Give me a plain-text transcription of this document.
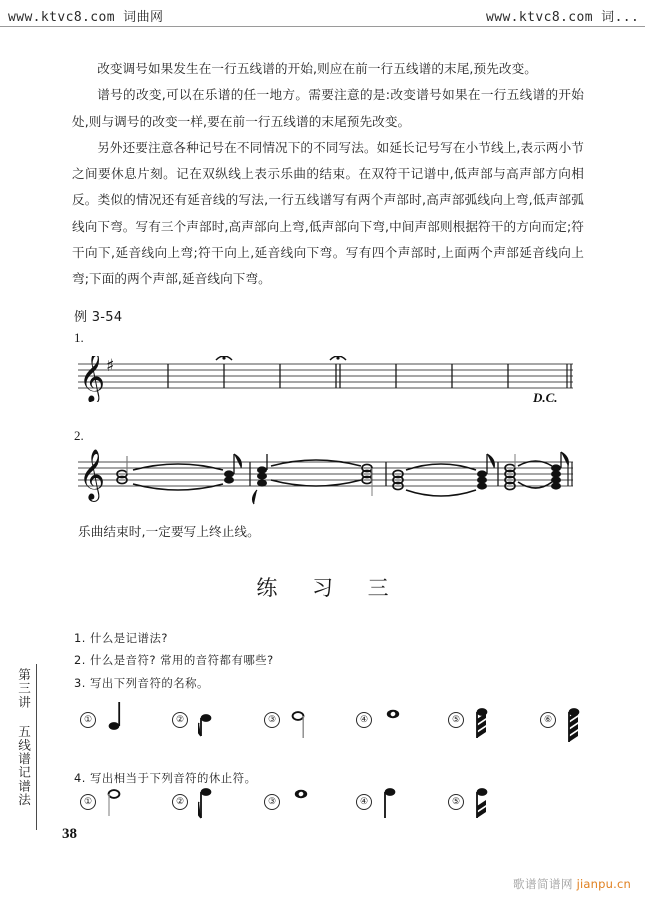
www.ktvc8.com 词曲网	www.ktvc8.com 词...

改变调号如果发生在一行五线谱的开始,则应在前一行五线谱的末尾,预先改变。

谱号的改变,可以在乐谱的任一地方。需要注意的是:改变谱号如果在一行五线谱的开始处,则与调号的改变一样,要在前一行五线谱的末尾预先改变。

另外还要注意各种记号在不同情况下的不同写法。如延长记号写在小节线上,表示两小节之间要休息片刻。记在双纵线上表示乐曲的结束。在双符干记谱中,低声部与高声部方向相反。类似的情况还有延音线的写法,一行五线谱写有两个声部时,高声部弧线向上弯,低声部弧线向下弯。写有三个声部时,高声部向上弯,低声部向下弯,中间声部则根据符干的方向而定;符干向下,延音线向上弯;符干向上,延音线向下弯。写有四个声部时,上面两个声部延音线向上弯;下面的两个声部,延音线向下弯。

例 3-54
1.
2.
𝄞 ♯
D.C.
𝄞
乐曲结束时,一定要写上终止线。
练 习 三
1. 什么是记谱法?
2. 什么是音符? 常用的音符都有哪些?
3. 写出下列音符的名称。
4. 写出相当于下列音符的休止符。
①	②	③	④	⑤	⑥
①	②	③	④	⑤
第三讲 五线谱记谱法
38
歌谱简谱网 jianpu.cn
